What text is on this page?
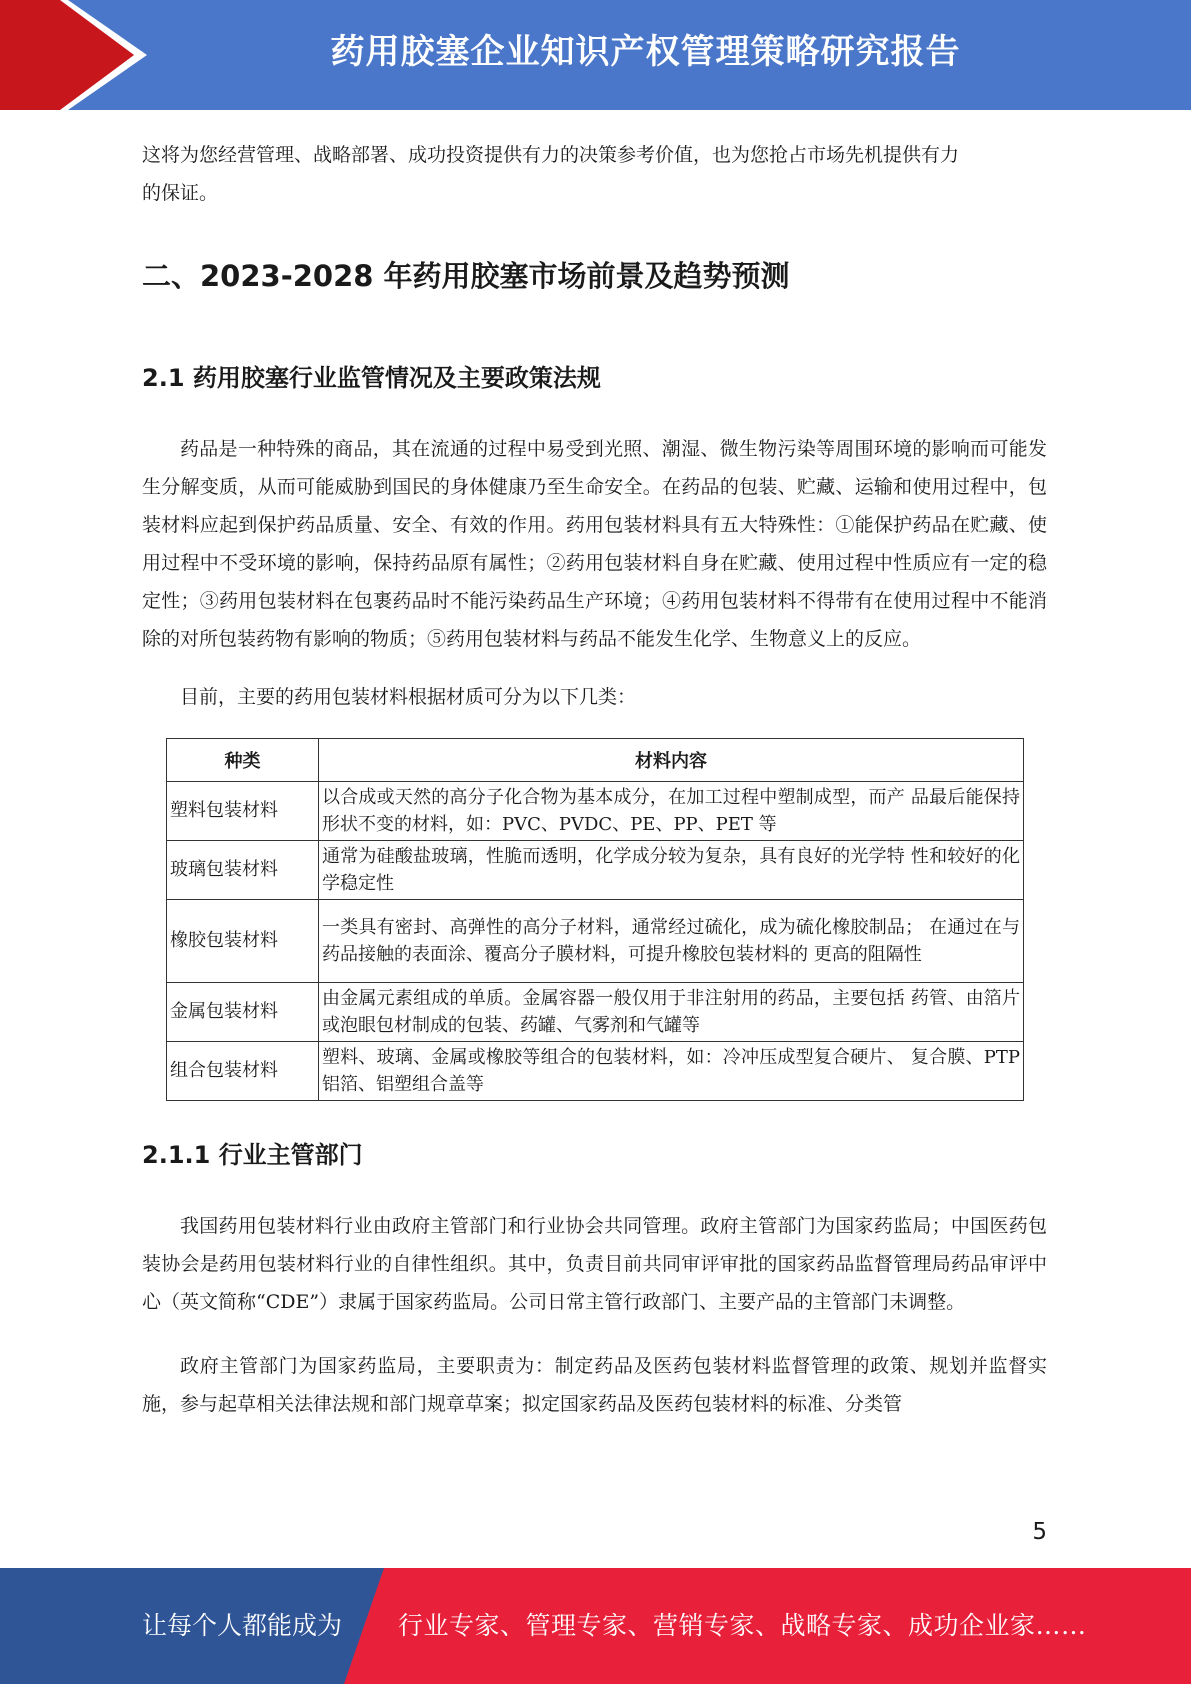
药用胶塞企业知识产权管理策略研究报告

这将为您经营管理、战略部署、成功投资提供有力的决策参考价值，也为您抢占市场先机提供有力
的保证。

二、2023-2028 年药用胶塞市场前景及趋势预测
2.1 药用胶塞行业监管情况及主要政策法规

药品是一种特殊的商品，其在流通的过程中易受到光照、潮湿、微生物污染等周围环境的影响而可能发生分解变质，从而可能威胁到国民的身体健康乃至生命安全。在药品的包装、贮藏、运输和使用过程中，包装材料应起到保护药品质量、安全、有效的作用。药用包装材料具有五大特殊性：①能保护药品在贮藏、使用过程中不受环境的影响，保持药品原有属性；②药用包装材料自身在贮藏、使用过程中性质应有一定的稳定性；③药用包装材料在包裹药品时不能污染药品生产环境；④药用包装材料不得带有在使用过程中不能消除的对所包装药物有影响的物质；⑤药用包装材料与药品不能发生化学、生物意义上的反应。

目前，主要的药用包装材料根据材质可分为以下几类：

种类	材料内容
塑料包装材料	以合成或天然的高分子化合物为基本成分，在加工过程中塑制成型，而产 品最后能保持形状不变的材料，如：PVC、PVDC、PE、PP、PET 等
玻璃包装材料	通常为硅酸盐玻璃，性脆而透明，化学成分较为复杂，具有良好的光学特 性和较好的化学稳定性
橡胶包装材料	一类具有密封、高弹性的高分子材料，通常经过硫化，成为硫化橡胶制品； 在通过在与药品接触的表面涂、覆高分子膜材料，可提升橡胶包装材料的 更高的阻隔性
金属包装材料	由金属元素组成的单质。金属容器一般仅用于非注射用的药品，主要包括 药管、由箔片或泡眼包材制成的包装、药罐、气雾剂和气罐等
组合包装材料	塑料、玻璃、金属或橡胶等组合的包装材料，如：冷冲压成型复合硬片、 复合膜、PTP 铝箔、铝塑组合盖等
2.1.1 行业主管部门

我国药用包装材料行业由政府主管部门和行业协会共同管理。政府主管部门为国家药监局；中国医药包装协会是药用包装材料行业的自律性组织。其中，负责目前共同审评审批的国家药品监督管理局药品审评中心（英文简称“CDE”）隶属于国家药监局。公司日常主管行政部门、主要产品的主管部门未调整。

政府主管部门为国家药监局，主要职责为：制定药品及医药包装材料监督管理的政策、规划并监督实施，参与起草相关法律法规和部门规章草案；拟定国家药品及医药包装材料的标准、分类管

5
让每个人都能成为 行业专家、管理专家、营销专家、战略专家、成功企业家……
